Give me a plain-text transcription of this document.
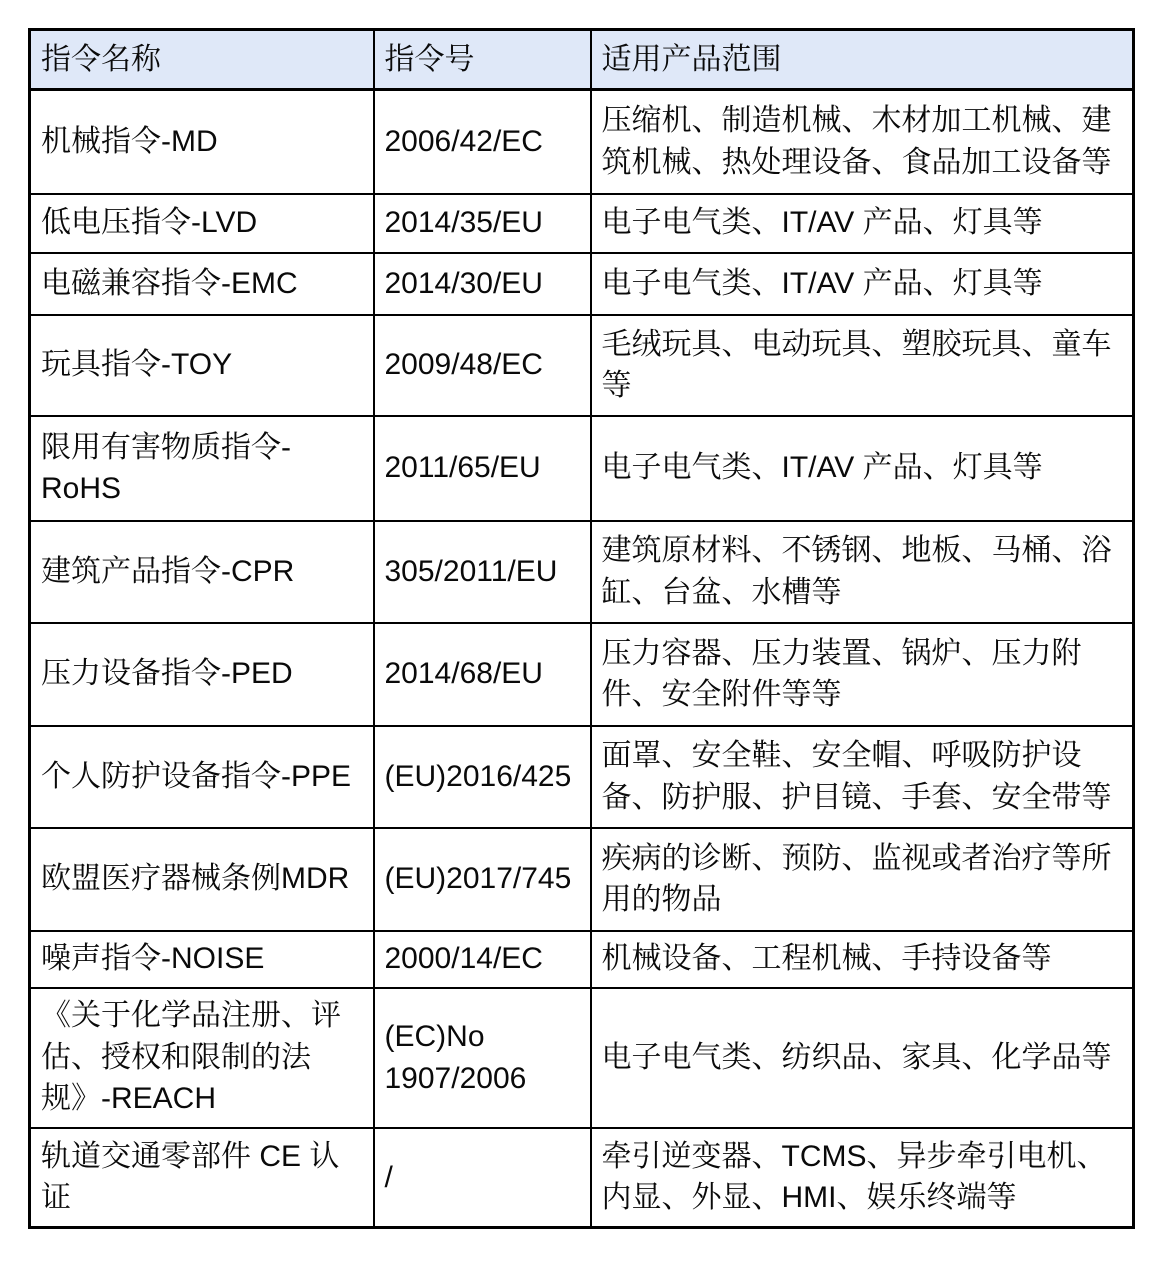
指令名称	指令号	适用产品范围
机械指令-MD	2006/42/EC	压缩机、制造机械、木材加工机械、建筑机械、热处理设备、食品加工设备等
低电压指令-LVD	2014/35/EU	电子电气类、IT/AV 产品、灯具等
电磁兼容指令-EMC	2014/30/EU	电子电气类、IT/AV 产品、灯具等
玩具指令-TOY	2009/48/EC	毛绒玩具、电动玩具、塑胶玩具、童车等
限用有害物质指令-RoHS	2011/65/EU	电子电气类、IT/AV 产品、灯具等
建筑产品指令-CPR	305/2011/EU	建筑原材料、不锈钢、地板、马桶、浴缸、台盆、水槽等
压力设备指令-PED	2014/68/EU	压力容器、压力装置、锅炉、压力附件、安全附件等等
个人防护设备指令-PPE	(EU)2016/425	面罩、安全鞋、安全帽、呼吸防护设备、防护服、护目镜、手套、安全带等
欧盟医疗器械条例MDR	(EU)2017/745	疾病的诊断、预防、监视或者治疗等所用的物品
噪声指令-NOISE	2000/14/EC	机械设备、工程机械、手持设备等
《关于化学品注册、评估、授权和限制的法规》-REACH	(EC)No 1907/2006	电子电气类、纺织品、家具、化学品等
轨道交通零部件 CE 认证	/	牵引逆变器、TCMS、异步牵引电机、内显、外显、HMI、娱乐终端等
